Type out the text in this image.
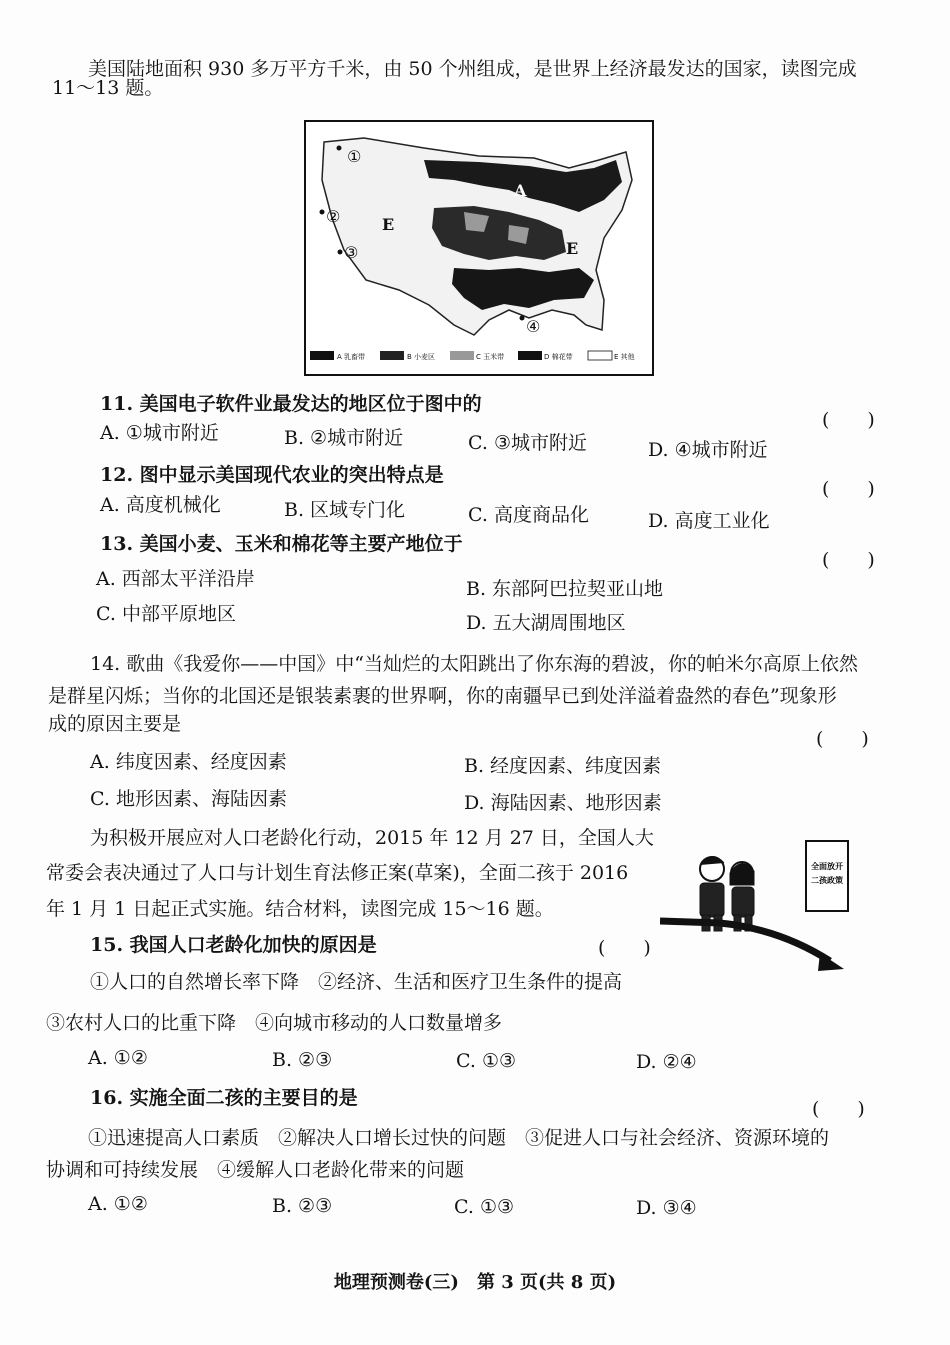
美国陆地面积 930 多万平方千米，由 50 个州组成，是世界上经济最发达的国家，读图完成
11～13 题。
①
②
③
④
E
E
A
A 乳畜带	B 小麦区	C 玉米带	D 棉花带	E 其他
11. 美国电子软件业最发达的地区位于图中的
(　　)
A. ①城市附近	B. ②城市附近	C. ③城市附近	D. ④城市附近
12. 图中显示美国现代农业的突出特点是
(　　)
A. 高度机械化	B. 区域专门化	C. 高度商品化	D. 高度工业化
13. 美国小麦、玉米和棉花等主要产地位于
(　　)
A. 西部太平洋沿岸	B. 东部阿巴拉契亚山地
C. 中部平原地区	D. 五大湖周围地区
14. 歌曲《我爱你——中国》中“当灿烂的太阳跳出了你东海的碧波，你的帕米尔高原上依然
是群星闪烁；当你的北国还是银装素裹的世界啊，你的南疆早已到处洋溢着盎然的春色”现象形
成的原因主要是
(　　)
A. 纬度因素、经度因素	B. 经度因素、纬度因素
C. 地形因素、海陆因素	D. 海陆因素、地形因素
为积极开展应对人口老龄化行动，2015 年 12 月 27 日，全国人大
常委会表决通过了人口与计划生育法修正案(草案)，全面二孩于 2016
年 1 月 1 日起正式实施。结合材料，读图完成 15～16 题。
全面放开
二孩政策
15. 我国人口老龄化加快的原因是	(　　)
①人口的自然增长率下降　②经济、生活和医疗卫生条件的提高
③农村人口的比重下降　④向城市移动的人口数量增多
A. ①②	B. ②③	C. ①③	D. ②④
16. 实施全面二孩的主要目的是	(　　)
①迅速提高人口素质　②解决人口增长过快的问题　③促进人口与社会经济、资源环境的
协调和可持续发展　④缓解人口老龄化带来的问题
A. ①②	B. ②③	C. ①③	D. ③④
地理预测卷(三)　第 3 页(共 8 页)
